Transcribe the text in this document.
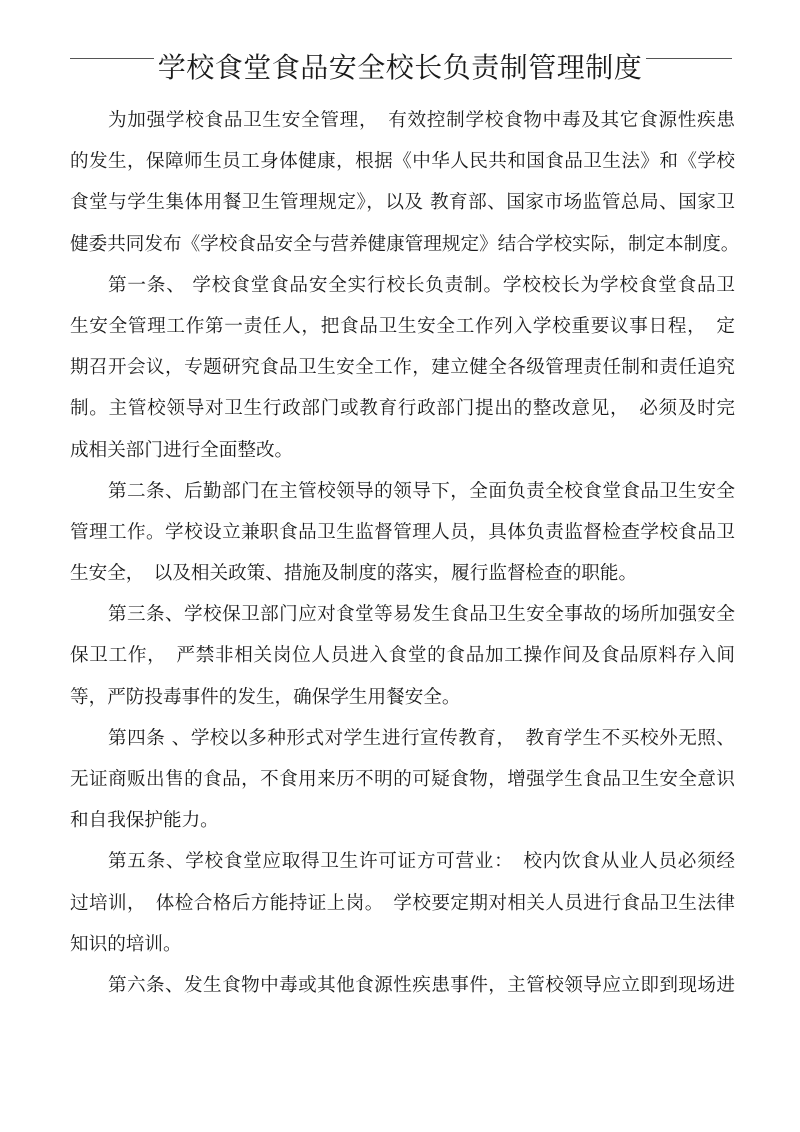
学校食堂食品安全校长负责制管理制度
为加强学校食品卫生安全管理，　有效控制学校食物中毒及其它食源性疾患
的发生，保障师生员工身体健康，根据《中华人民共和国食品卫生法》和《学校
食堂与学生集体用餐卫生管理规定》，以及 教育部、国家市场监管总局、国家卫
健委共同发布《学校食品安全与营养健康管理规定》结合学校实际，制定本制度。
第一条、 学校食堂食品安全实行校长负责制。学校校长为学校食堂食品卫
生安全管理工作第一责任人，把食品卫生安全工作列入学校重要议事日程，　定
期召开会议，专题研究食品卫生安全工作，建立健全各级管理责任制和责任追究
制。主管校领导对卫生行政部门或教育行政部门提出的整改意见，　必须及时完
成相关部门进行全面整改。
第二条、后勤部门在主管校领导的领导下，全面负责全校食堂食品卫生安全
管理工作。学校设立兼职食品卫生监督管理人员，具体负责监督检查学校食品卫
生安全，　以及相关政策、措施及制度的落实，履行监督检查的职能。
第三条、学校保卫部门应对食堂等易发生食品卫生安全事故的场所加强安全
保卫工作，　严禁非相关岗位人员进入食堂的食品加工操作间及食品原料存入间
等，严防投毒事件的发生，确保学生用餐安全。
第四条 、学校以多种形式对学生进行宣传教育，　教育学生不买校外无照、
无证商贩出售的食品，不食用来历不明的可疑食物，增强学生食品卫生安全意识
和自我保护能力。
第五条、学校食堂应取得卫生许可证方可营业：　校内饮食从业人员必须经
过培训，　体检合格后方能持证上岗。　学校要定期对相关人员进行食品卫生法律
知识的培训。
第六条、发生食物中毒或其他食源性疾患事件，主管校领导应立即到现场进
